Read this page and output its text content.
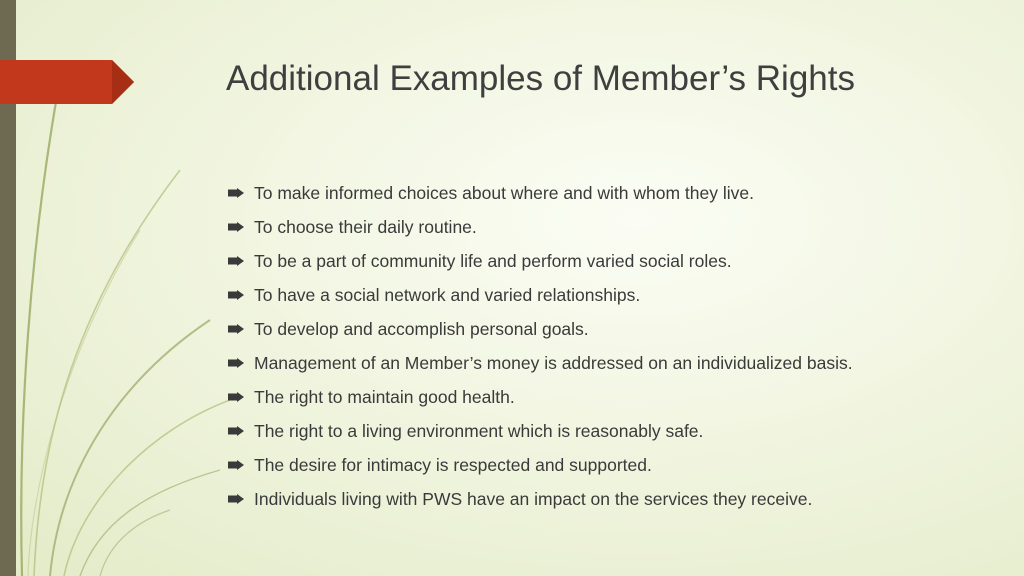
Additional Examples of Member’s Rights
To make informed choices about where and with whom they live.
To choose their daily routine.
To be a part of community life and perform varied social roles.
To have a social network and varied relationships.
To develop and accomplish personal goals.
Management of an Member’s money is addressed on an individualized basis.
The right to maintain good health.
The right to a living environment which is reasonably safe.
The desire for intimacy is respected and supported.
Individuals living with PWS have an impact on the services they receive.
